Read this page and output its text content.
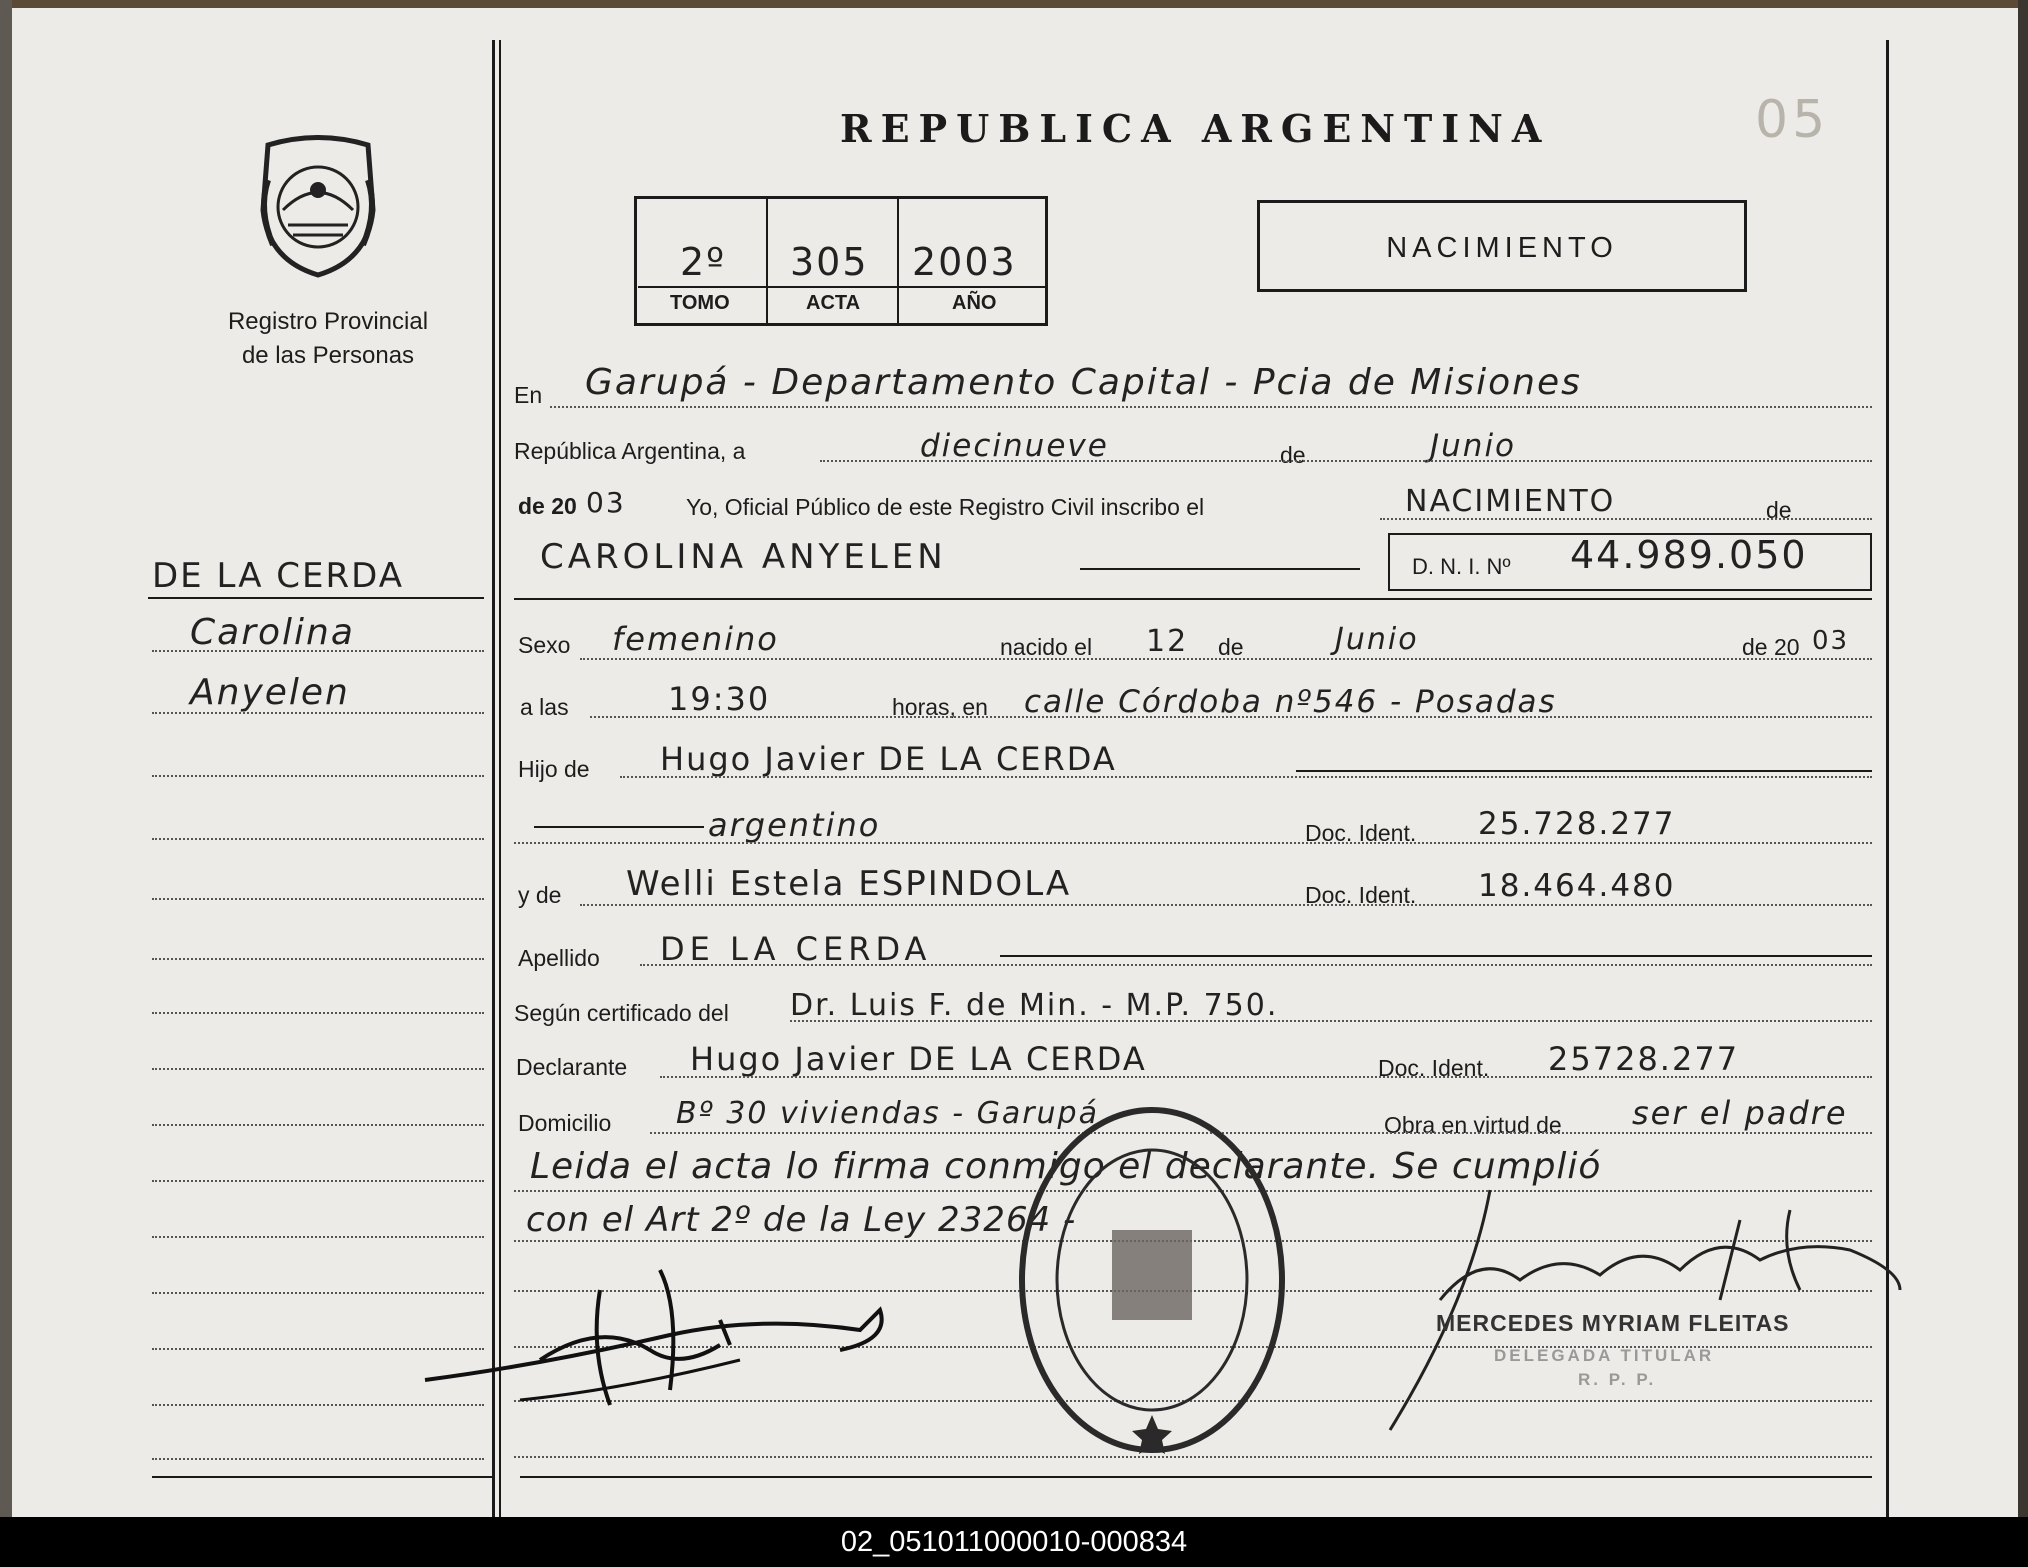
Registro Provincial
de las Personas
REPUBLICA ARGENTINA	05
2º 305 2003
TOMO	ACTA	AÑO
NACIMIENTO
DE LA CERDA
Carolina
Anyelen
En Garupá - Departamento Capital - Pcia de Misiones
República Argentina, a	diecinueve	de	Junio
de 20 03	Yo, Oficial Público de este Registro Civil inscribo el	NACIMIENTO	de
CAROLINA ANYELEN	D. N. I. Nº 44.989.050
Sexo femenino	nacido el 12 de	Junio	de 20 03
a las	19:30	horas, en calle Córdoba nº546 - Posadas
Hijo de Hugo Javier DE LA CERDA
argentino	Doc. Ident. 25.728.277
y de Welli Estela ESPINDOLA	Doc. Ident. 18.464.480
Apellido DE LA CERDA
Según certificado del Dr. Luis F. de Min. - M.P. 750.
Declarante Hugo Javier DE LA CERDA	Doc. Ident. 25728.277
Domicilio Bº 30 viviendas - Garupá	Obra en virtud de ser el padre
Leida el acta lo firma conmigo el declarante. Se cumplió
con el Art 2º de la Ley 23264 -
MERCEDES MYRIAM FLEITAS
DELEGADA TITULAR
R. P. P.
02_051011000010-000834
